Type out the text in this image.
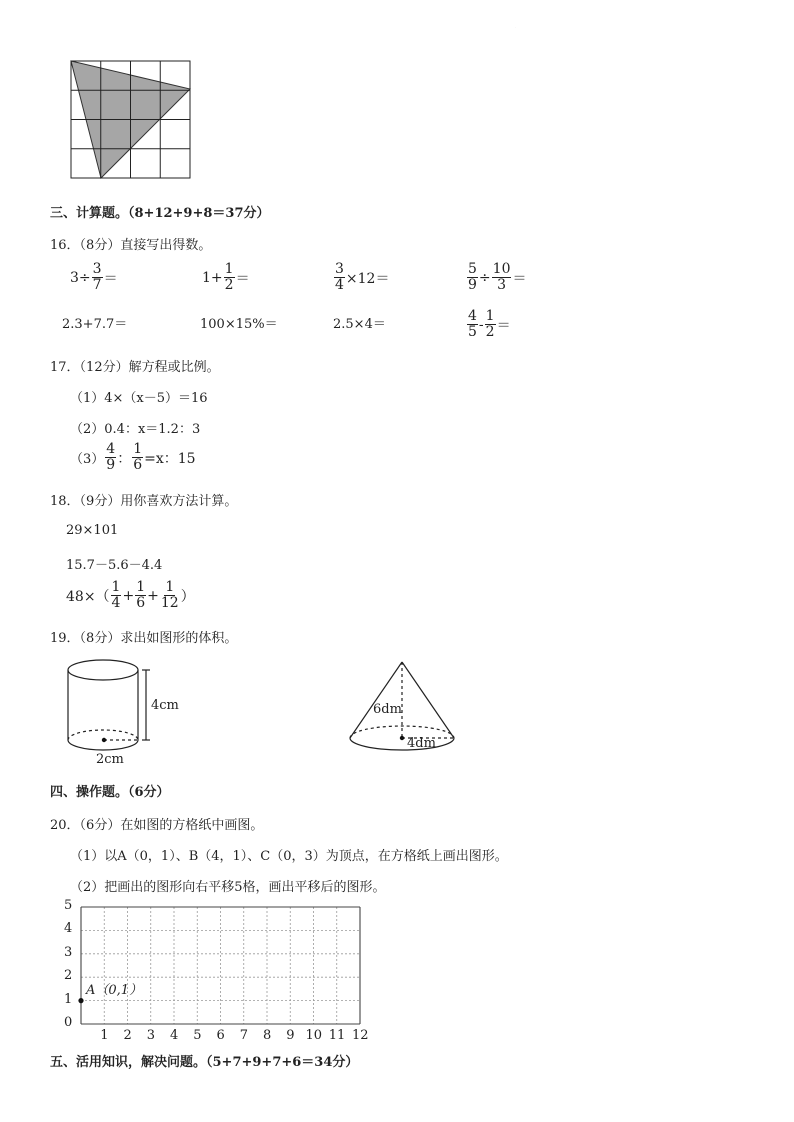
'
三、计算题。（8+12+9+8＝37分）
16．（8分）直接写出得数。
$3\div \frac{3}{7}$ ＝	$1+ \frac{1}{2}$ ＝	$\frac{3}{4} \times 12=$	$\frac{5}{9} \div \frac{10}{3}$ ＝
2.3+7.7＝	100×15%＝	2.5×4＝	$\frac{4}{5} - \frac{1}{2}$ ＝
17．（12分）解方程或比例。
（1）4×（x－5）＝16
（2）0.4：x＝1.2：3
$(3) \frac{4}{9}$ ： $\frac{1}{6} =x$：15
18．（9分）用你喜欢方法计算。
29×101
15.7－5.6－4.4
$48\times( \frac{1}{4} + \frac{1}{6} + \frac{1}{12}$ ）
19．（8分）求出如图形的体积。
4cm
2cm
6dm
4dm
四、操作题。（6分）
20．（6分）在如图的方格纸中画图。
（1）以A（0，1）、B（4，1）、C（0，3）为顶点，在方格纸上画出图形。
（2）把画出的图形向右平移5格，画出平移后的图形。
A（0,1）
0
1
2
3
4
5
1 2 3 4 5 6 7 8 9 10 11 12
五、活用知识，解决问题。（5+7+9+7+6＝34分）
